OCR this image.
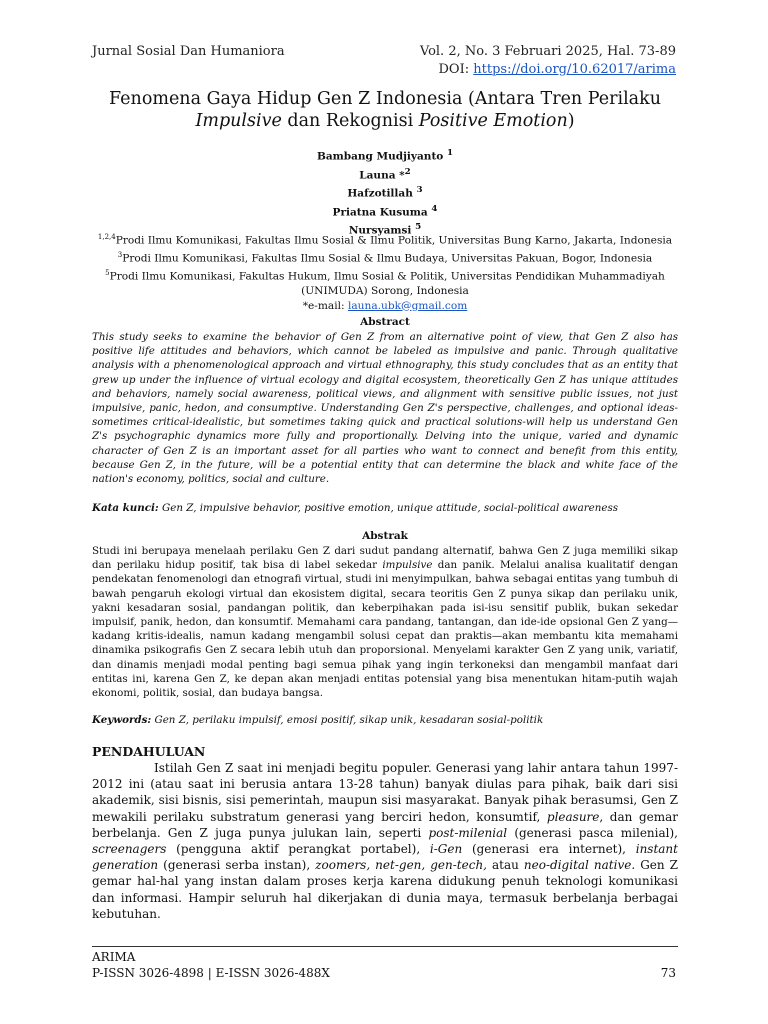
Jurnal Sosial Dan Humaniora	Vol. 2, No. 3 Februari 2025, Hal. 73-89
DOI: https://doi.org/10.62017/arima
Fenomena Gaya Hidup Gen Z Indonesia (Antara Tren Perilaku
Impulsive dan Rekognisi Positive Emotion)
Bambang Mudjiyanto $^1$
Launa *$^2$
Hafzotillah $^3$
Priatna Kusuma $^4$
Nursyamsi $^5$
$^{1,2,4}$Prodi Ilmu Komunikasi, Fakultas Ilmu Sosial & Ilmu Politik, Universitas Bung Karno, Jakarta, Indonesia
$^3$Prodi Ilmu Komunikasi, Fakultas Ilmu Sosial & Ilmu Budaya, Universitas Pakuan, Bogor, Indonesia
$^5$Prodi Ilmu Komunikasi, Fakultas Hukum, Ilmu Sosial & Politik, Universitas Pendidikan Muhammadiyah (UNIMUDA) Sorong, Indonesia
*e-mail: launa.ubk@gmail.com
Abstract
This study seeks to examine the behavior of Gen Z from an alternative point of view, that Gen Z also has positive life attitudes and behaviors, which cannot be labeled as impulsive and panic. Through qualitative analysis with a phenomenological approach and virtual ethnography, this study concludes that as an entity that grew up under the influence of virtual ecology and digital ecosystem, theoretically Gen Z has unique attitudes and behaviors, namely social awareness, political views, and alignment with sensitive public issues, not just impulsive, panic, hedon, and consumptive. Understanding Gen Z's perspective, challenges, and optional ideas-sometimes critical-idealistic, but sometimes taking quick and practical solutions-will help us understand Gen Z's psychographic dynamics more fully and proportionally. Delving into the unique, varied and dynamic character of Gen Z is an important asset for all parties who want to connect and benefit from this entity, because Gen Z, in the future, will be a potential entity that can determine the black and white face of the nation's economy, politics, social and culture.
Kata kunci: Gen Z, impulsive behavior, positive emotion, unique attitude, social-political awareness
Abstrak
Studi ini berupaya menelaah perilaku Gen Z dari sudut pandang alternatif, bahwa Gen Z juga memiliki sikap dan perilaku hidup positif, tak bisa di label sekedar impulsive dan panik. Melalui analisa kualitatif dengan pendekatan fenomenologi dan etnografi virtual, studi ini menyimpulkan, bahwa sebagai entitas yang tumbuh di bawah pengaruh ekologi virtual dan ekosistem digital, secara teoritis Gen Z punya sikap dan perilaku unik, yakni kesadaran sosial, pandangan politik, dan keberpihakan pada isi-isu sensitif publik, bukan sekedar impulsif, panik, hedon, dan konsumtif. Memahami cara pandang, tantangan, dan ide-ide opsional Gen Z yang—kadang kritis-idealis, namun kadang mengambil solusi cepat dan praktis—akan membantu kita memahami dinamika psikografis Gen Z secara lebih utuh dan proporsional. Menyelami karakter Gen Z yang unik, variatif, dan dinamis menjadi modal penting bagi semua pihak yang ingin terkoneksi dan mengambil manfaat dari entitas ini, karena Gen Z, ke depan akan menjadi entitas potensial yang bisa menentukan hitam-putih wajah ekonomi, politik, sosial, dan budaya bangsa.
Keywords: Gen Z, perilaku impulsif, emosi positif, sikap unik, kesadaran sosial-politik
PENDAHULUAN

Istilah Gen Z saat ini menjadi begitu populer. Generasi yang lahir antara tahun 1997-2012 ini (atau saat ini berusia antara 13-28 tahun) banyak diulas para pihak, baik dari sisi akademik, sisi bisnis, sisi pemerintah, maupun sisi masyarakat. Banyak pihak berasumsi, Gen Z mewakili perilaku substratum generasi yang berciri hedon, konsumtif, pleasure, dan gemar berbelanja. Gen Z juga punya julukan lain, seperti post-milenial (generasi pasca milenial), screenagers (pengguna aktif perangkat portabel), i-Gen (generasi era internet), instant generation (generasi serba instan), zoomers, net-gen, gen-tech, atau neo-digital native. Gen Z gemar hal-hal yang instan dalam proses kerja karena didukung penuh teknologi komunikasi dan informasi. Hampir seluruh hal dikerjakan di dunia maya, termasuk berbelanja berbagai kebutuhan.

ARIMA
P-ISSN 3026-4898 | E-ISSN 3026-488X	73
